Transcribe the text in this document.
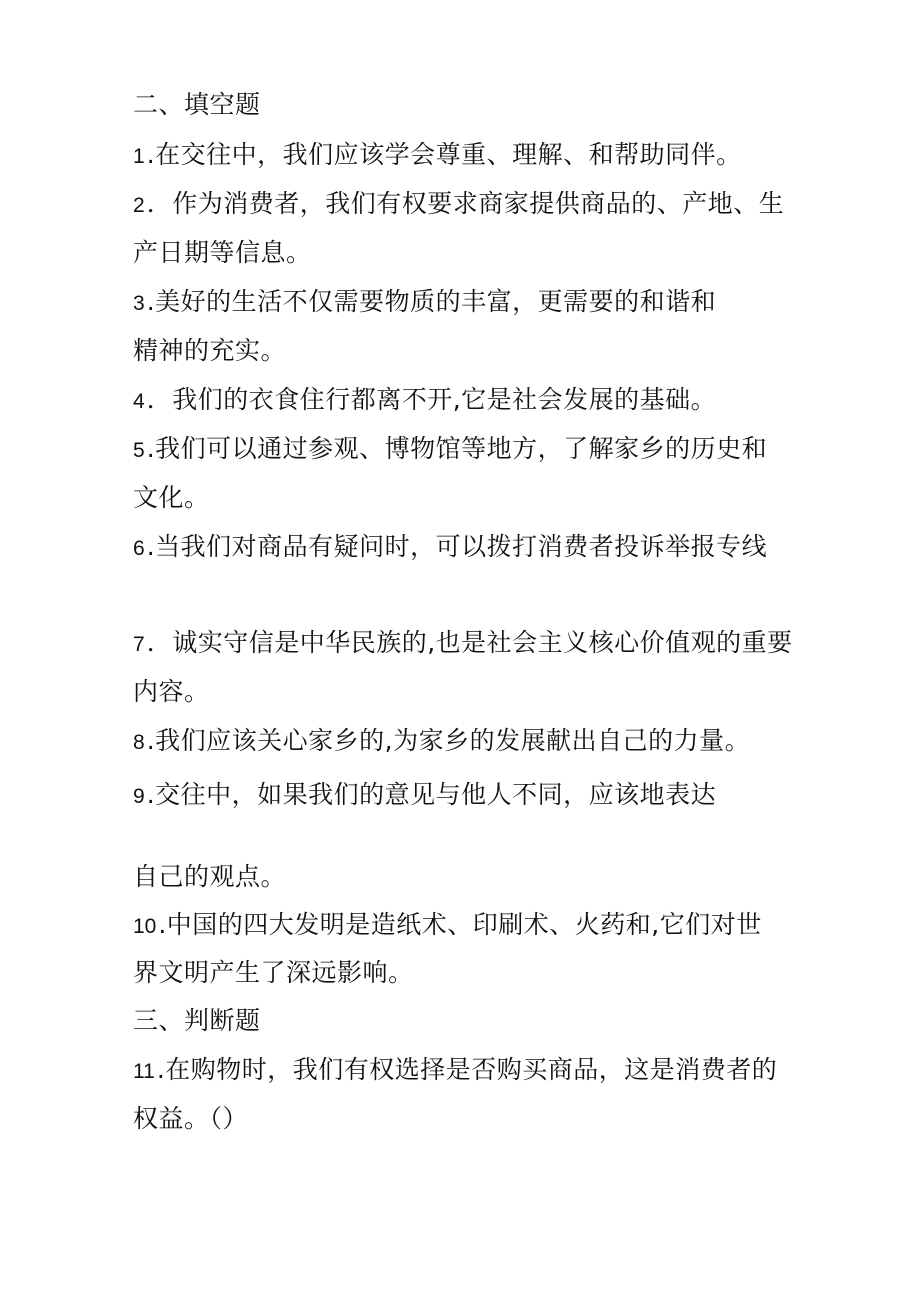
二、填空题
1.在交往中，我们应该学会尊重、理解、和帮助同伴。
2．作为消费者，我们有权要求商家提供商品的、产地、生
产日期等信息。
3.美好的生活不仅需要物质的丰富，更需要的和谐和
精神的充实。
4．我们的衣食住行都离不开,它是社会发展的基础。
5.我们可以通过参观、博物馆等地方，了解家乡的历史和
文化。
6.当我们对商品有疑问时，可以拨打消费者投诉举报专线
7．诚实守信是中华民族的,也是社会主义核心价值观的重要
内容。
8.我们应该关心家乡的,为家乡的发展献出自己的力量。
9.交往中，如果我们的意见与他人不同，应该地表达
自己的观点。
10.中国的四大发明是造纸术、印刷术、火药和,它们对世
界文明产生了深远影响。
三、判断题
11.在购物时，我们有权选择是否购买商品，这是消费者的
权益。（）
